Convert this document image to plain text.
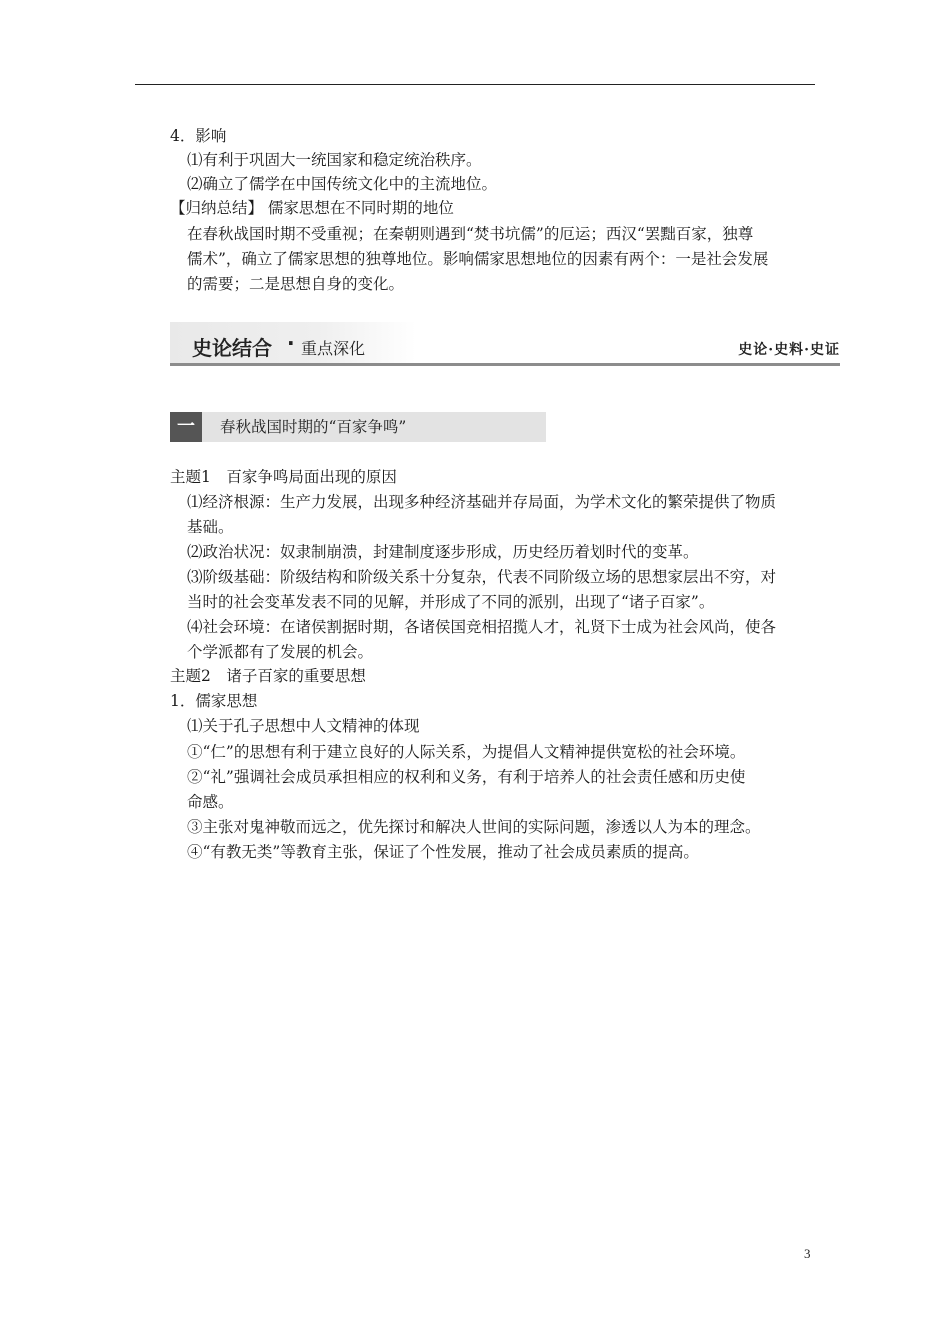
4．影响
⑴有利于巩固大一统国家和稳定统治秩序。
⑵确立了儒学在中国传统文化中的主流地位。
【归纳总结】 儒家思想在不同时期的地位
在春秋战国时期不受重视；在秦朝则遇到“焚书坑儒”的厄运；西汉“罢黜百家，独尊
儒术”，确立了儒家思想的独尊地位。影响儒家思想地位的因素有两个：一是社会发展
的需要；二是思想自身的变化。
史论结合 · 重点深化	史论·史料·史证
一	春秋战国时期的“百家争鸣”
主题1　百家争鸣局面出现的原因
⑴经济根源：生产力发展，出现多种经济基础并存局面，为学术文化的繁荣提供了物质
基础。
⑵政治状况：奴隶制崩溃，封建制度逐步形成，历史经历着划时代的变革。
⑶阶级基础：阶级结构和阶级关系十分复杂，代表不同阶级立场的思想家层出不穷，对
当时的社会变革发表不同的见解，并形成了不同的派别，出现了“诸子百家”。
⑷社会环境：在诸侯割据时期，各诸侯国竞相招揽人才，礼贤下士成为社会风尚，使各
个学派都有了发展的机会。
主题2　诸子百家的重要思想
1．儒家思想
⑴关于孔子思想中人文精神的体现
①“仁”的思想有利于建立良好的人际关系，为提倡人文精神提供宽松的社会环境。
②“礼”强调社会成员承担相应的权利和义务，有利于培养人的社会责任感和历史使
命感。
③主张对鬼神敬而远之，优先探讨和解决人世间的实际问题，渗透以人为本的理念。
④“有教无类”等教育主张，保证了个性发展，推动了社会成员素质的提高。
3
